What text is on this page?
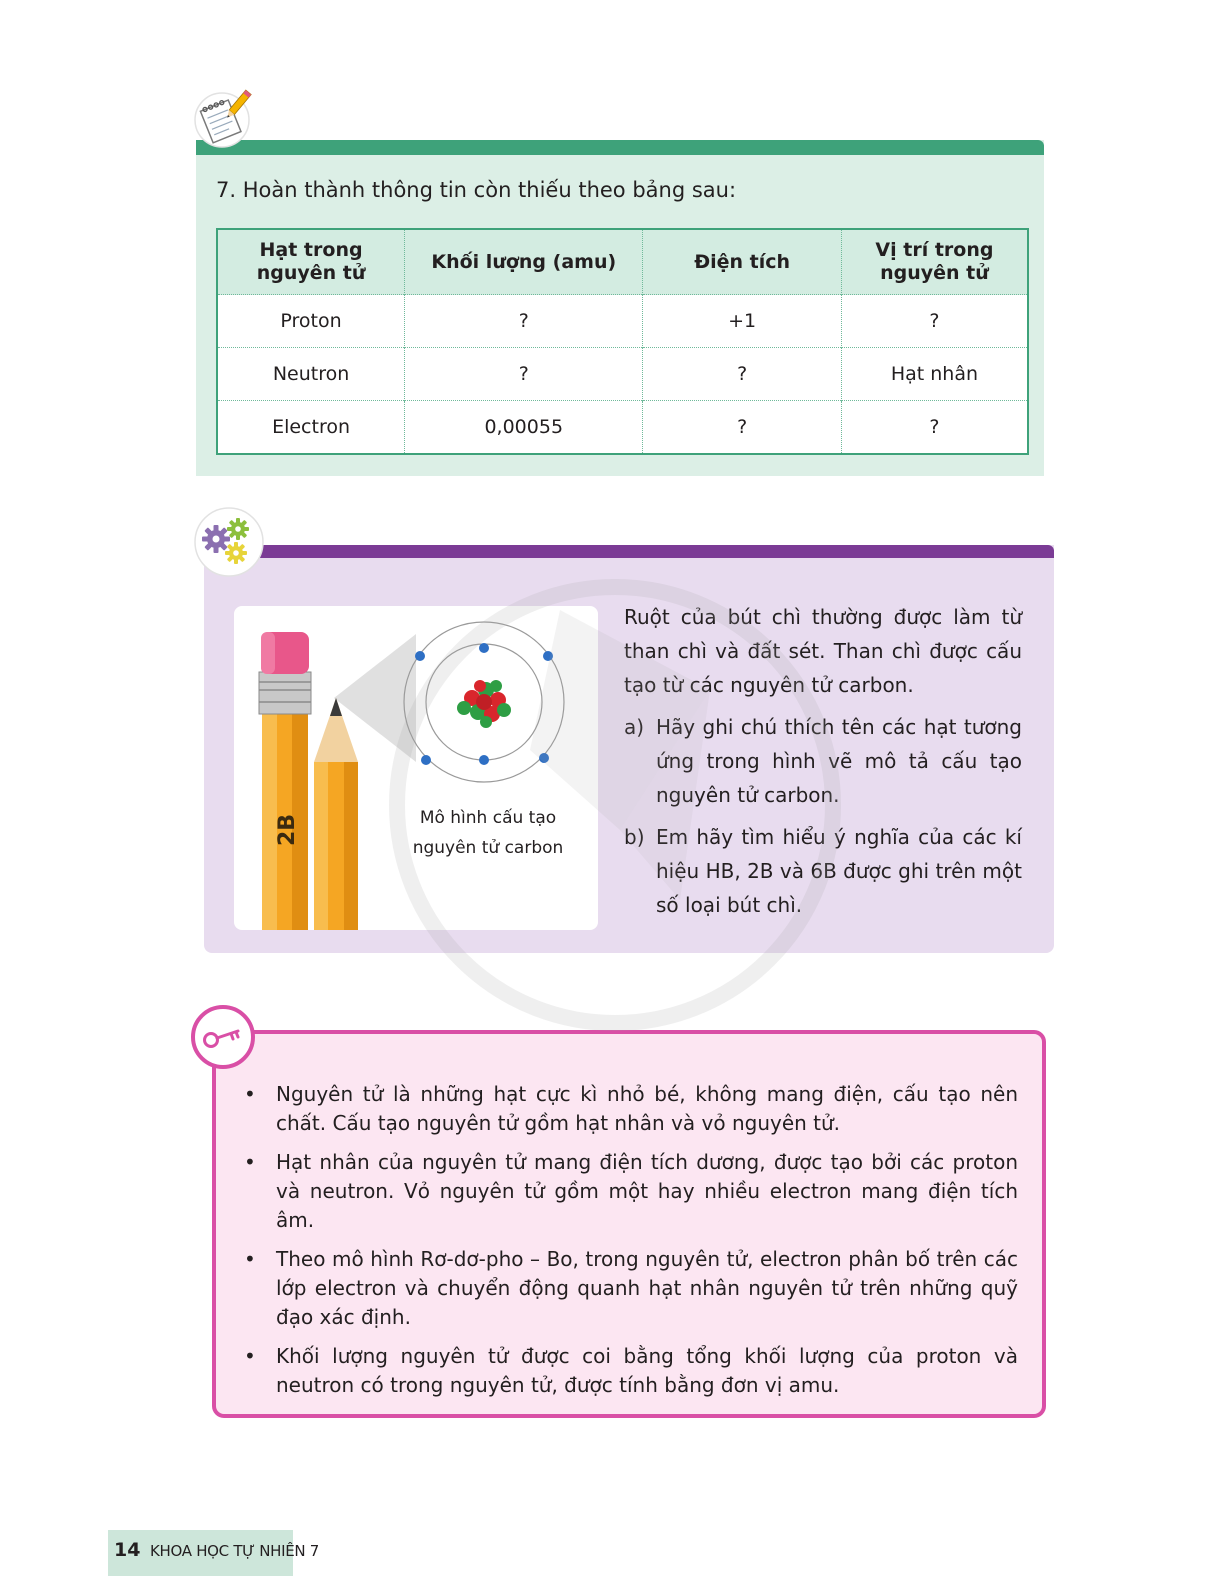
7. Hoàn thành thông tin còn thiếu theo bảng sau:
Hạt trong nguyên tử	Khối lượng (amu)	Điện tích	Vị trí trong nguyên tử
Proton	?	+1	?
Neutron	?	?	Hạt nhân
Electron	0,00055	?	?
2B	Mô hình cấu tạo
nguyên tử carbon

Ruột của bút chì thường được làm từ than chì và đất sét. Than chì được cấu tạo từ các nguyên tử carbon.

a) Hãy ghi chú thích tên các hạt tương ứng trong hình vẽ mô tả cấu tạo nguyên tử carbon.
b) Em hãy tìm hiểu ý nghĩa của các kí hiệu HB, 2B và 6B được ghi trên một số loại bút chì.
• Nguyên tử là những hạt cực kì nhỏ bé, không mang điện, cấu tạo nên chất. Cấu tạo nguyên tử gồm hạt nhân và vỏ nguyên tử.
• Hạt nhân của nguyên tử mang điện tích dương, được tạo bởi các proton và neutron. Vỏ nguyên tử gồm một hay nhiều electron mang điện tích âm.
• Theo mô hình Rơ-dơ-pho – Bo, trong nguyên tử, electron phân bố trên các lớp electron và chuyển động quanh hạt nhân nguyên tử trên những quỹ đạo xác định.
• Khối lượng nguyên tử được coi bằng tổng khối lượng của proton và neutron có trong nguyên tử, được tính bằng đơn vị amu.
14 KHOA HỌC TỰ NHIÊN 7
